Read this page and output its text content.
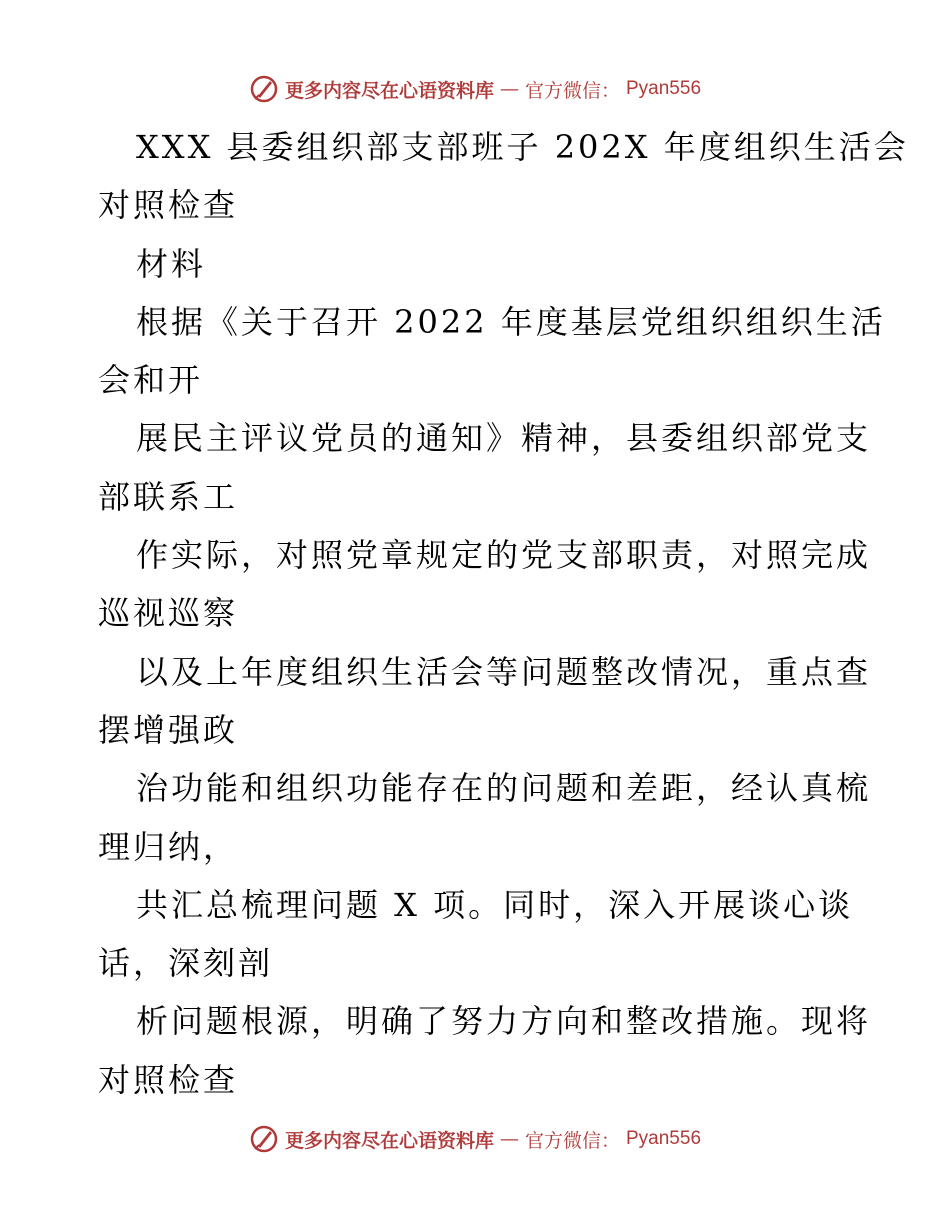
更多内容尽在心语资料库 — 官方微信： Pyan556
XXX 县委组织部支部班子 202X 年度组织生活会
对照检查
材料
根据《关于召开 2022 年度基层党组织组织生活
会和开
展民主评议党员的通知》精神，县委组织部党支
部联系工
作实际，对照党章规定的党支部职责，对照完成
巡视巡察
以及上年度组织生活会等问题整改情况，重点查
摆增强政
治功能和组织功能存在的问题和差距，经认真梳
理归纳，
共汇总梳理问题 X 项。同时，深入开展谈心谈
话，深刻剖
析问题根源，明确了努力方向和整改措施。现将
对照检查
更多内容尽在心语资料库 — 官方微信： Pyan556
